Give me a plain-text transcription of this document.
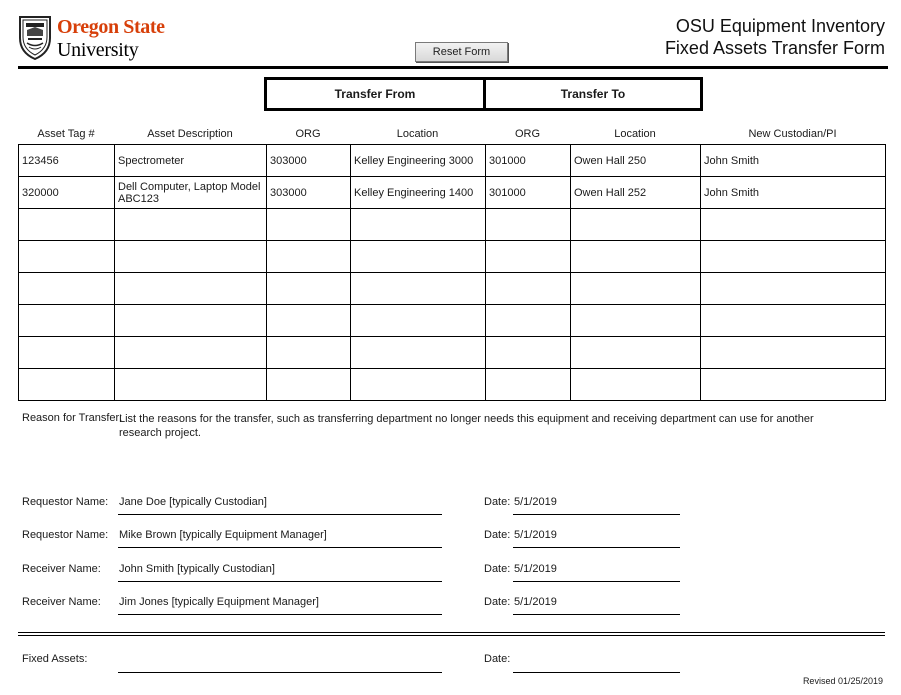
Oregon State
University	Reset Form
OSU Equipment Inventory
Fixed Assets Transfer Form
Transfer From	Transfer To
Asset Tag #	Asset Description	ORG	Location	ORG	Location	New Custodian/PI
123456	Spectrometer	303000	Kelley Engineering 3000	301000	Owen Hall 250	John Smith
320000	Dell Computer, Laptop Model ABC123	303000	Kelley Engineering 1400	301000	Owen Hall 252	John Smith

Reason for Transfer:
List the reasons for the transfer, such as transferring department no longer needs this equipment and receiving department can use for another research project.
Requestor Name: Jane Doe [typically Custodian]	Date: 5/1/2019
Requestor Name: Mike Brown [typically Equipment Manager]	Date: 5/1/2019
Receiver Name: John Smith [typically Custodian]	Date: 5/1/2019
Receiver Name: Jim Jones [typically Equipment Manager]	Date: 5/1/2019
Fixed Assets:	Date:
Revised 01/25/2019
